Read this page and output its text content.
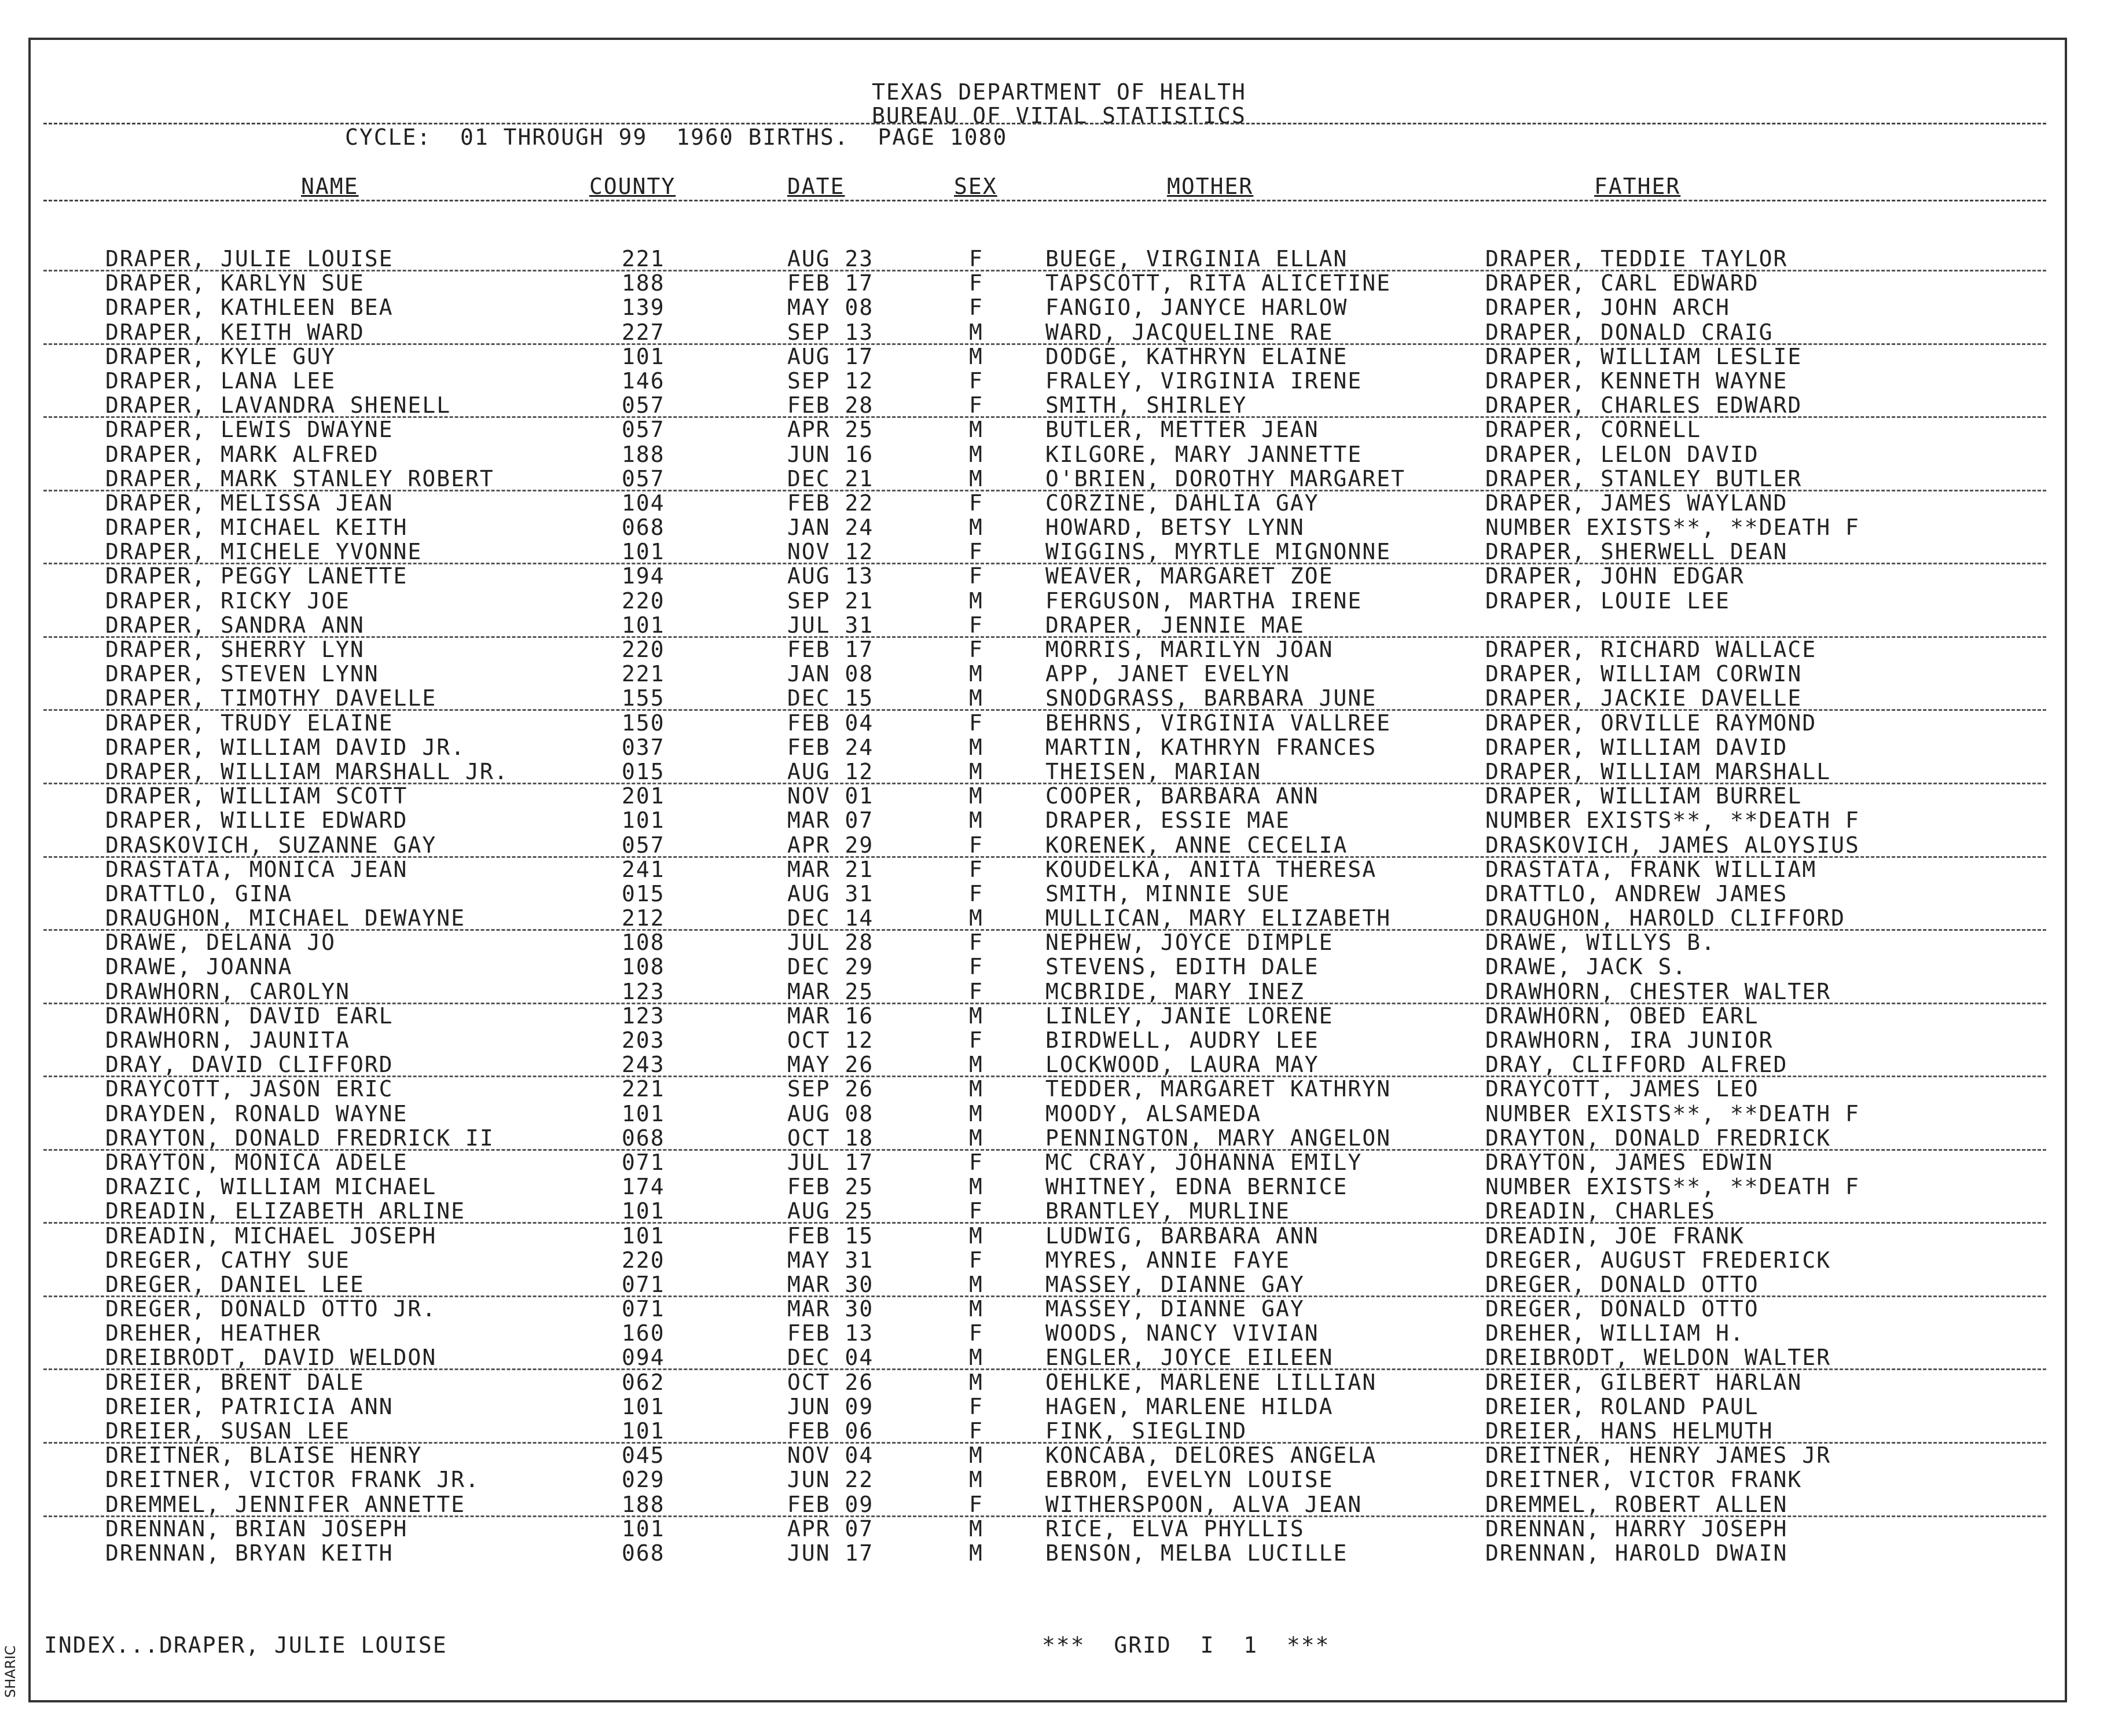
TEXAS DEPARTMENT OF HEALTH
BUREAU OF VITAL STATISTICS
CYCLE:  01 THROUGH 99  1960 BIRTHS.  PAGE 1080
NAME	COUNTY	DATE	SEX	MOTHER	FATHER
DRAPER, JULIE LOUISE	221	AUG 23	F	BUEGE, VIRGINIA ELLAN	DRAPER, TEDDIE TAYLOR
DRAPER, KARLYN SUE	188	FEB 17	F	TAPSCOTT, RITA ALICETINE	DRAPER, CARL EDWARD
DRAPER, KATHLEEN BEA	139	MAY 08	F	FANGIO, JANYCE HARLOW	DRAPER, JOHN ARCH
DRAPER, KEITH WARD	227	SEP 13	M	WARD, JACQUELINE RAE	DRAPER, DONALD CRAIG
DRAPER, KYLE GUY	101	AUG 17	M	DODGE, KATHRYN ELAINE	DRAPER, WILLIAM LESLIE
DRAPER, LANA LEE	146	SEP 12	F	FRALEY, VIRGINIA IRENE	DRAPER, KENNETH WAYNE
DRAPER, LAVANDRA SHENELL	057	FEB 28	F	SMITH, SHIRLEY	DRAPER, CHARLES EDWARD
DRAPER, LEWIS DWAYNE	057	APR 25	M	BUTLER, METTER JEAN	DRAPER, CORNELL
DRAPER, MARK ALFRED	188	JUN 16	M	KILGORE, MARY JANNETTE	DRAPER, LELON DAVID
DRAPER, MARK STANLEY ROBERT	057	DEC 21	M	O'BRIEN, DOROTHY MARGARET	DRAPER, STANLEY BUTLER
DRAPER, MELISSA JEAN	104	FEB 22	F	CORZINE, DAHLIA GAY	DRAPER, JAMES WAYLAND
DRAPER, MICHAEL KEITH	068	JAN 24	M	HOWARD, BETSY LYNN	NUMBER EXISTS**, **DEATH F
DRAPER, MICHELE YVONNE	101	NOV 12	F	WIGGINS, MYRTLE MIGNONNE	DRAPER, SHERWELL DEAN
DRAPER, PEGGY LANETTE	194	AUG 13	F	WEAVER, MARGARET ZOE	DRAPER, JOHN EDGAR
DRAPER, RICKY JOE	220	SEP 21	M	FERGUSON, MARTHA IRENE	DRAPER, LOUIE LEE
DRAPER, SANDRA ANN	101	JUL 31	F	DRAPER, JENNIE MAE
DRAPER, SHERRY LYN	220	FEB 17	F	MORRIS, MARILYN JOAN	DRAPER, RICHARD WALLACE
DRAPER, STEVEN LYNN	221	JAN 08	M	APP, JANET EVELYN	DRAPER, WILLIAM CORWIN
DRAPER, TIMOTHY DAVELLE	155	DEC 15	M	SNODGRASS, BARBARA JUNE	DRAPER, JACKIE DAVELLE
DRAPER, TRUDY ELAINE	150	FEB 04	F	BEHRNS, VIRGINIA VALLREE	DRAPER, ORVILLE RAYMOND
DRAPER, WILLIAM DAVID JR.	037	FEB 24	M	MARTIN, KATHRYN FRANCES	DRAPER, WILLIAM DAVID
DRAPER, WILLIAM MARSHALL JR.	015	AUG 12	M	THEISEN, MARIAN	DRAPER, WILLIAM MARSHALL
DRAPER, WILLIAM SCOTT	201	NOV 01	M	COOPER, BARBARA ANN	DRAPER, WILLIAM BURREL
DRAPER, WILLIE EDWARD	101	MAR 07	M	DRAPER, ESSIE MAE	NUMBER EXISTS**, **DEATH F
DRASKOVICH, SUZANNE GAY	057	APR 29	F	KORENEK, ANNE CECELIA	DRASKOVICH, JAMES ALOYSIUS
DRASTATA, MONICA JEAN	241	MAR 21	F	KOUDELKA, ANITA THERESA	DRASTATA, FRANK WILLIAM
DRATTLO, GINA	015	AUG 31	F	SMITH, MINNIE SUE	DRATTLO, ANDREW JAMES
DRAUGHON, MICHAEL DEWAYNE	212	DEC 14	M	MULLICAN, MARY ELIZABETH	DRAUGHON, HAROLD CLIFFORD
DRAWE, DELANA JO	108	JUL 28	F	NEPHEW, JOYCE DIMPLE	DRAWE, WILLYS B.
DRAWE, JOANNA	108	DEC 29	F	STEVENS, EDITH DALE	DRAWE, JACK S.
DRAWHORN, CAROLYN	123	MAR 25	F	MCBRIDE, MARY INEZ	DRAWHORN, CHESTER WALTER
DRAWHORN, DAVID EARL	123	MAR 16	M	LINLEY, JANIE LORENE	DRAWHORN, OBED EARL
DRAWHORN, JAUNITA	203	OCT 12	F	BIRDWELL, AUDRY LEE	DRAWHORN, IRA JUNIOR
DRAY, DAVID CLIFFORD	243	MAY 26	M	LOCKWOOD, LAURA MAY	DRAY, CLIFFORD ALFRED
DRAYCOTT, JASON ERIC	221	SEP 26	M	TEDDER, MARGARET KATHRYN	DRAYCOTT, JAMES LEO
DRAYDEN, RONALD WAYNE	101	AUG 08	M	MOODY, ALSAMEDA	NUMBER EXISTS**, **DEATH F
DRAYTON, DONALD FREDRICK II	068	OCT 18	M	PENNINGTON, MARY ANGELON	DRAYTON, DONALD FREDRICK
DRAYTON, MONICA ADELE	071	JUL 17	F	MC CRAY, JOHANNA EMILY	DRAYTON, JAMES EDWIN
DRAZIC, WILLIAM MICHAEL	174	FEB 25	M	WHITNEY, EDNA BERNICE	NUMBER EXISTS**, **DEATH F
DREADIN, ELIZABETH ARLINE	101	AUG 25	F	BRANTLEY, MURLINE	DREADIN, CHARLES
DREADIN, MICHAEL JOSEPH	101	FEB 15	M	LUDWIG, BARBARA ANN	DREADIN, JOE FRANK
DREGER, CATHY SUE	220	MAY 31	F	MYRES, ANNIE FAYE	DREGER, AUGUST FREDERICK
DREGER, DANIEL LEE	071	MAR 30	M	MASSEY, DIANNE GAY	DREGER, DONALD OTTO
DREGER, DONALD OTTO JR.	071	MAR 30	M	MASSEY, DIANNE GAY	DREGER, DONALD OTTO
DREHER, HEATHER	160	FEB 13	F	WOODS, NANCY VIVIAN	DREHER, WILLIAM H.
DREIBRODT, DAVID WELDON	094	DEC 04	M	ENGLER, JOYCE EILEEN	DREIBRODT, WELDON WALTER
DREIER, BRENT DALE	062	OCT 26	M	OEHLKE, MARLENE LILLIAN	DREIER, GILBERT HARLAN
DREIER, PATRICIA ANN	101	JUN 09	F	HAGEN, MARLENE HILDA	DREIER, ROLAND PAUL
DREIER, SUSAN LEE	101	FEB 06	F	FINK, SIEGLIND	DREIER, HANS HELMUTH
DREITNER, BLAISE HENRY	045	NOV 04	M	KONCABA, DELORES ANGELA	DREITNER, HENRY JAMES JR
DREITNER, VICTOR FRANK JR.	029	JUN 22	M	EBROM, EVELYN LOUISE	DREITNER, VICTOR FRANK
DREMMEL, JENNIFER ANNETTE	188	FEB 09	F	WITHERSPOON, ALVA JEAN	DREMMEL, ROBERT ALLEN
DRENNAN, BRIAN JOSEPH	101	APR 07	M	RICE, ELVA PHYLLIS	DRENNAN, HARRY JOSEPH
DRENNAN, BRYAN KEITH	068	JUN 17	M	BENSON, MELBA LUCILLE	DRENNAN, HAROLD DWAIN
INDEX...DRAPER, JULIE LOUISE	***  GRID  I  1  ***
SHARIC
